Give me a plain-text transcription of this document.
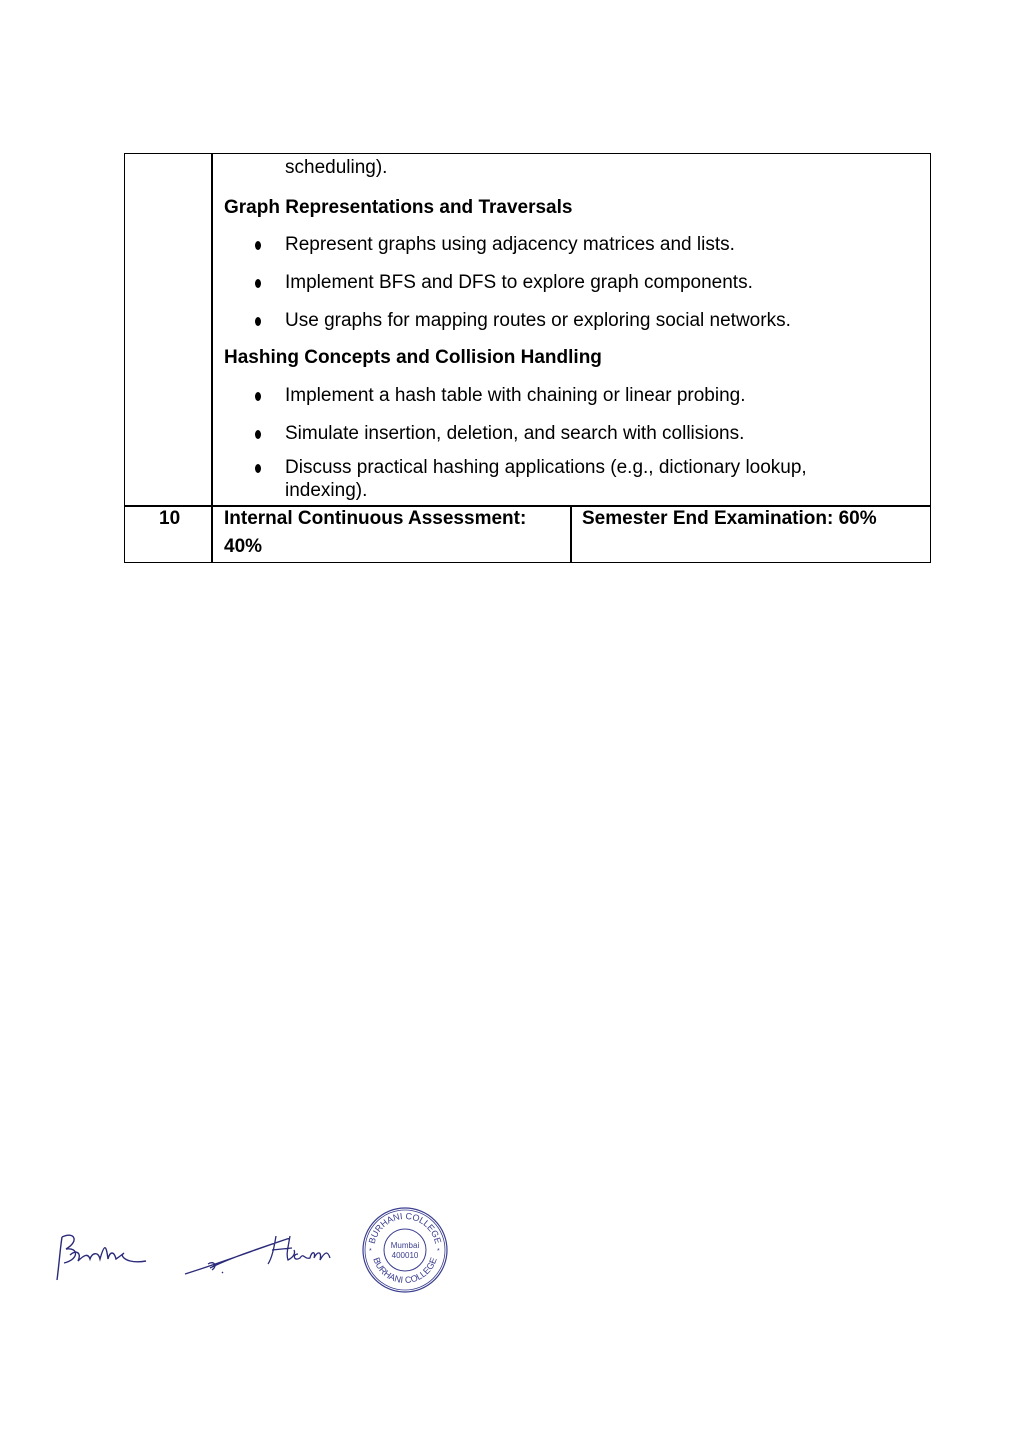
scheduling).
Graph Representations and Traversals
Represent graphs using adjacency matrices and lists.
Implement BFS and DFS to explore graph components.
Use graphs for mapping routes or exploring social networks.
Hashing Concepts and Collision Handling
Implement a hash table with chaining or linear probing.
Simulate insertion, deletion, and search with collisions.
Discuss practical hashing applications (e.g., dictionary lookup,
indexing).
10 Internal Continuous Assessment:
40%
Semester End Examination: 60%
BURHANI COLLEGE
BURHANI COLLEGE
Mumbai
400010
*	*
